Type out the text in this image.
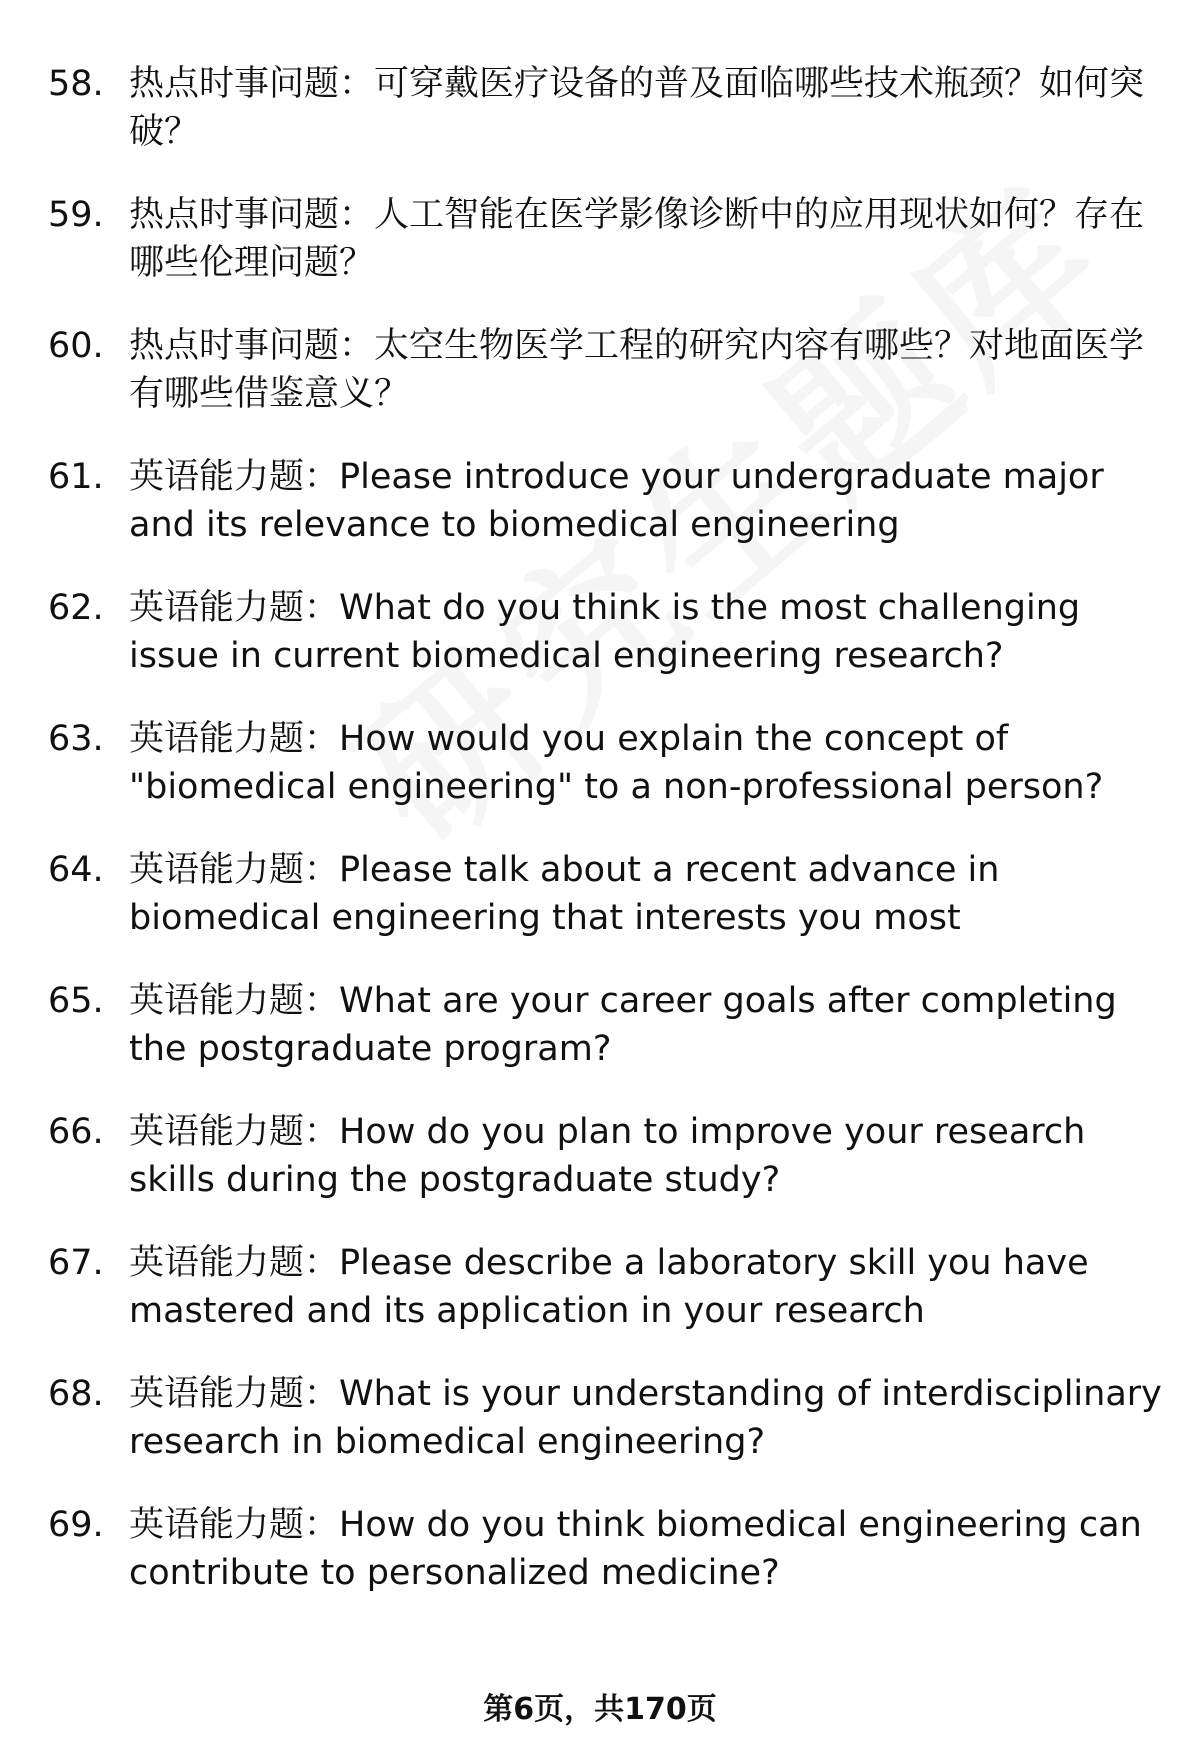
58. 热点时事问题：可穿戴医疗设备的普及面临哪些技术瓶颈？如何突破？
59. 热点时事问题：人工智能在医学影像诊断中的应用现状如何？存在哪些伦理问题？
60. 热点时事问题：太空生物医学工程的研究内容有哪些？对地面医学有哪些借鉴意义？
61. 英语能力题：Please introduce your undergraduate major and its relevance to biomedical engineering
62. 英语能力题：What do you think is the most challenging issue in current biomedical engineering research?
63. 英语能力题：How would you explain the concept of "biomedical engineering" to a non-professional person?
64. 英语能力题：Please talk about a recent advance in biomedical engineering that interests you most
65. 英语能力题：What are your career goals after completing the postgraduate program?
66. 英语能力题：How do you plan to improve your research skills during the postgraduate study?
67. 英语能力题：Please describe a laboratory skill you have mastered and its application in your research
68. 英语能力题：What is your understanding of interdisciplinary research in biomedical engineering?
69. 英语能力题：How do you think biomedical engineering can contribute to personalized medicine?
第6页，共170页
